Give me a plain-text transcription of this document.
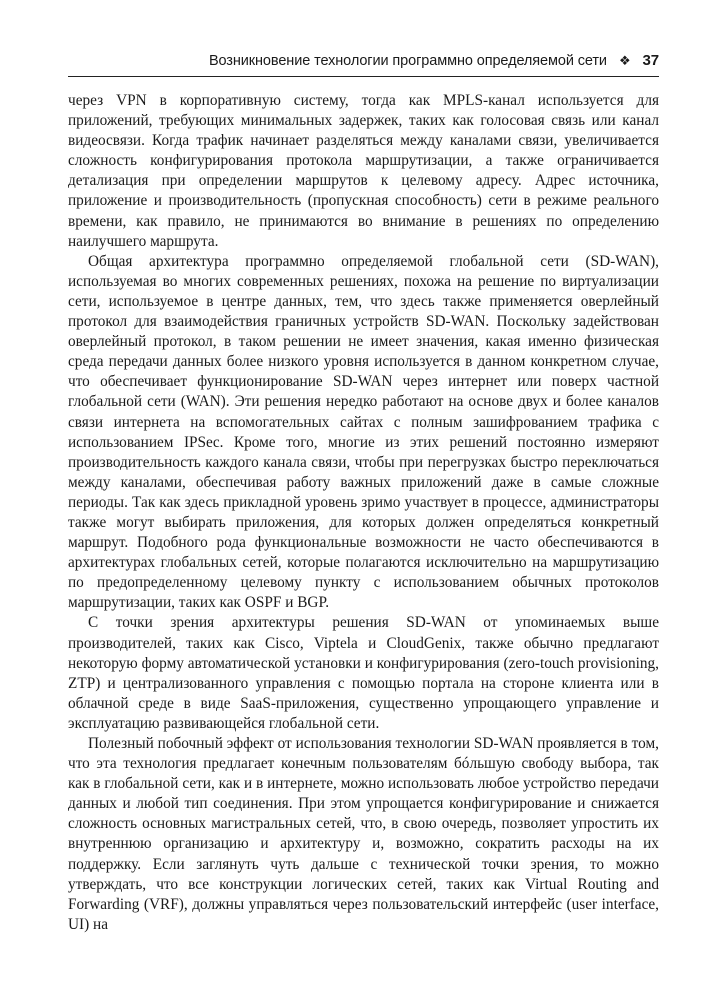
Возникновение технологии программно определяемой сети ❖ 37

через VPN в корпоративную систему, тогда как MPLS-канал используется для приложений, требующих минимальных задержек, таких как голосовая связь или канал видеосвязи. Когда трафик начинает разделяться между каналами связи, увеличивается сложность конфигурирования протокола маршрутизации, а также ограничивается детализация при определении маршрутов к целевому адресу. Адрес источника, приложение и производительность (пропускная способность) сети в режиме реального времени, как правило, не принимаются во внимание в решениях по определению наилучшего маршрута.

Общая архитектура программно определяемой глобальной сети (SD-WAN), используемая во многих современных решениях, похожа на решение по виртуализации сети, используемое в центре данных, тем, что здесь также применяется оверлейный протокол для взаимодействия граничных устройств SD-WAN. Поскольку задействован оверлейный протокол, в таком решении не имеет значения, какая именно физическая среда передачи данных более низкого уровня используется в данном конкретном случае, что обеспечивает функционирование SD-WAN через интернет или поверх частной глобальной сети (WAN). Эти решения нередко работают на основе двух и более каналов связи интернета на вспомогательных сайтах с полным зашифрованием трафика с использованием IPSec. Кроме того, многие из этих решений постоянно измеряют производительность каждого канала связи, чтобы при перегрузках быстро переключаться между каналами, обеспечивая работу важных приложений даже в самые сложные периоды. Так как здесь прикладной уровень зримо участвует в процессе, администраторы также могут выбирать приложения, для которых должен определяться конкретный маршрут. Подобного рода функциональные возможности не часто обеспечиваются в архитектурах глобальных сетей, которые полагаются исключительно на маршрутизацию по предопределенному целевому пункту с использованием обычных протоколов маршрутизации, таких как OSPF и BGP.

С точки зрения архитектуры решения SD-WAN от упоминаемых выше производителей, таких как Cisco, Viptela и CloudGenix, также обычно предлагают некоторую форму автоматической установки и конфигурирования (zero-touch provisioning, ZTP) и централизованного управления с помощью портала на стороне клиента или в облачной среде в виде SaaS-приложения, существенно упрощающего управление и эксплуатацию развивающейся глобальной сети.

Полезный побочный эффект от использования технологии SD-WAN проявляется в том, что эта технология предлагает конечным пользователям бóльшую свободу выбора, так как в глобальной сети, как и в интернете, можно использовать любое устройство передачи данных и любой тип соединения. При этом упрощается конфигурирование и снижается сложность основных магистральных сетей, что, в свою очередь, позволяет упростить их внутреннюю организацию и архитектуру и, возможно, сократить расходы на их поддержку. Если заглянуть чуть дальше с технической точки зрения, то можно утверждать, что все конструкции логических сетей, таких как Virtual Routing and Forwarding (VRF), должны управляться через пользовательский интерфейс (user interface, UI) на
